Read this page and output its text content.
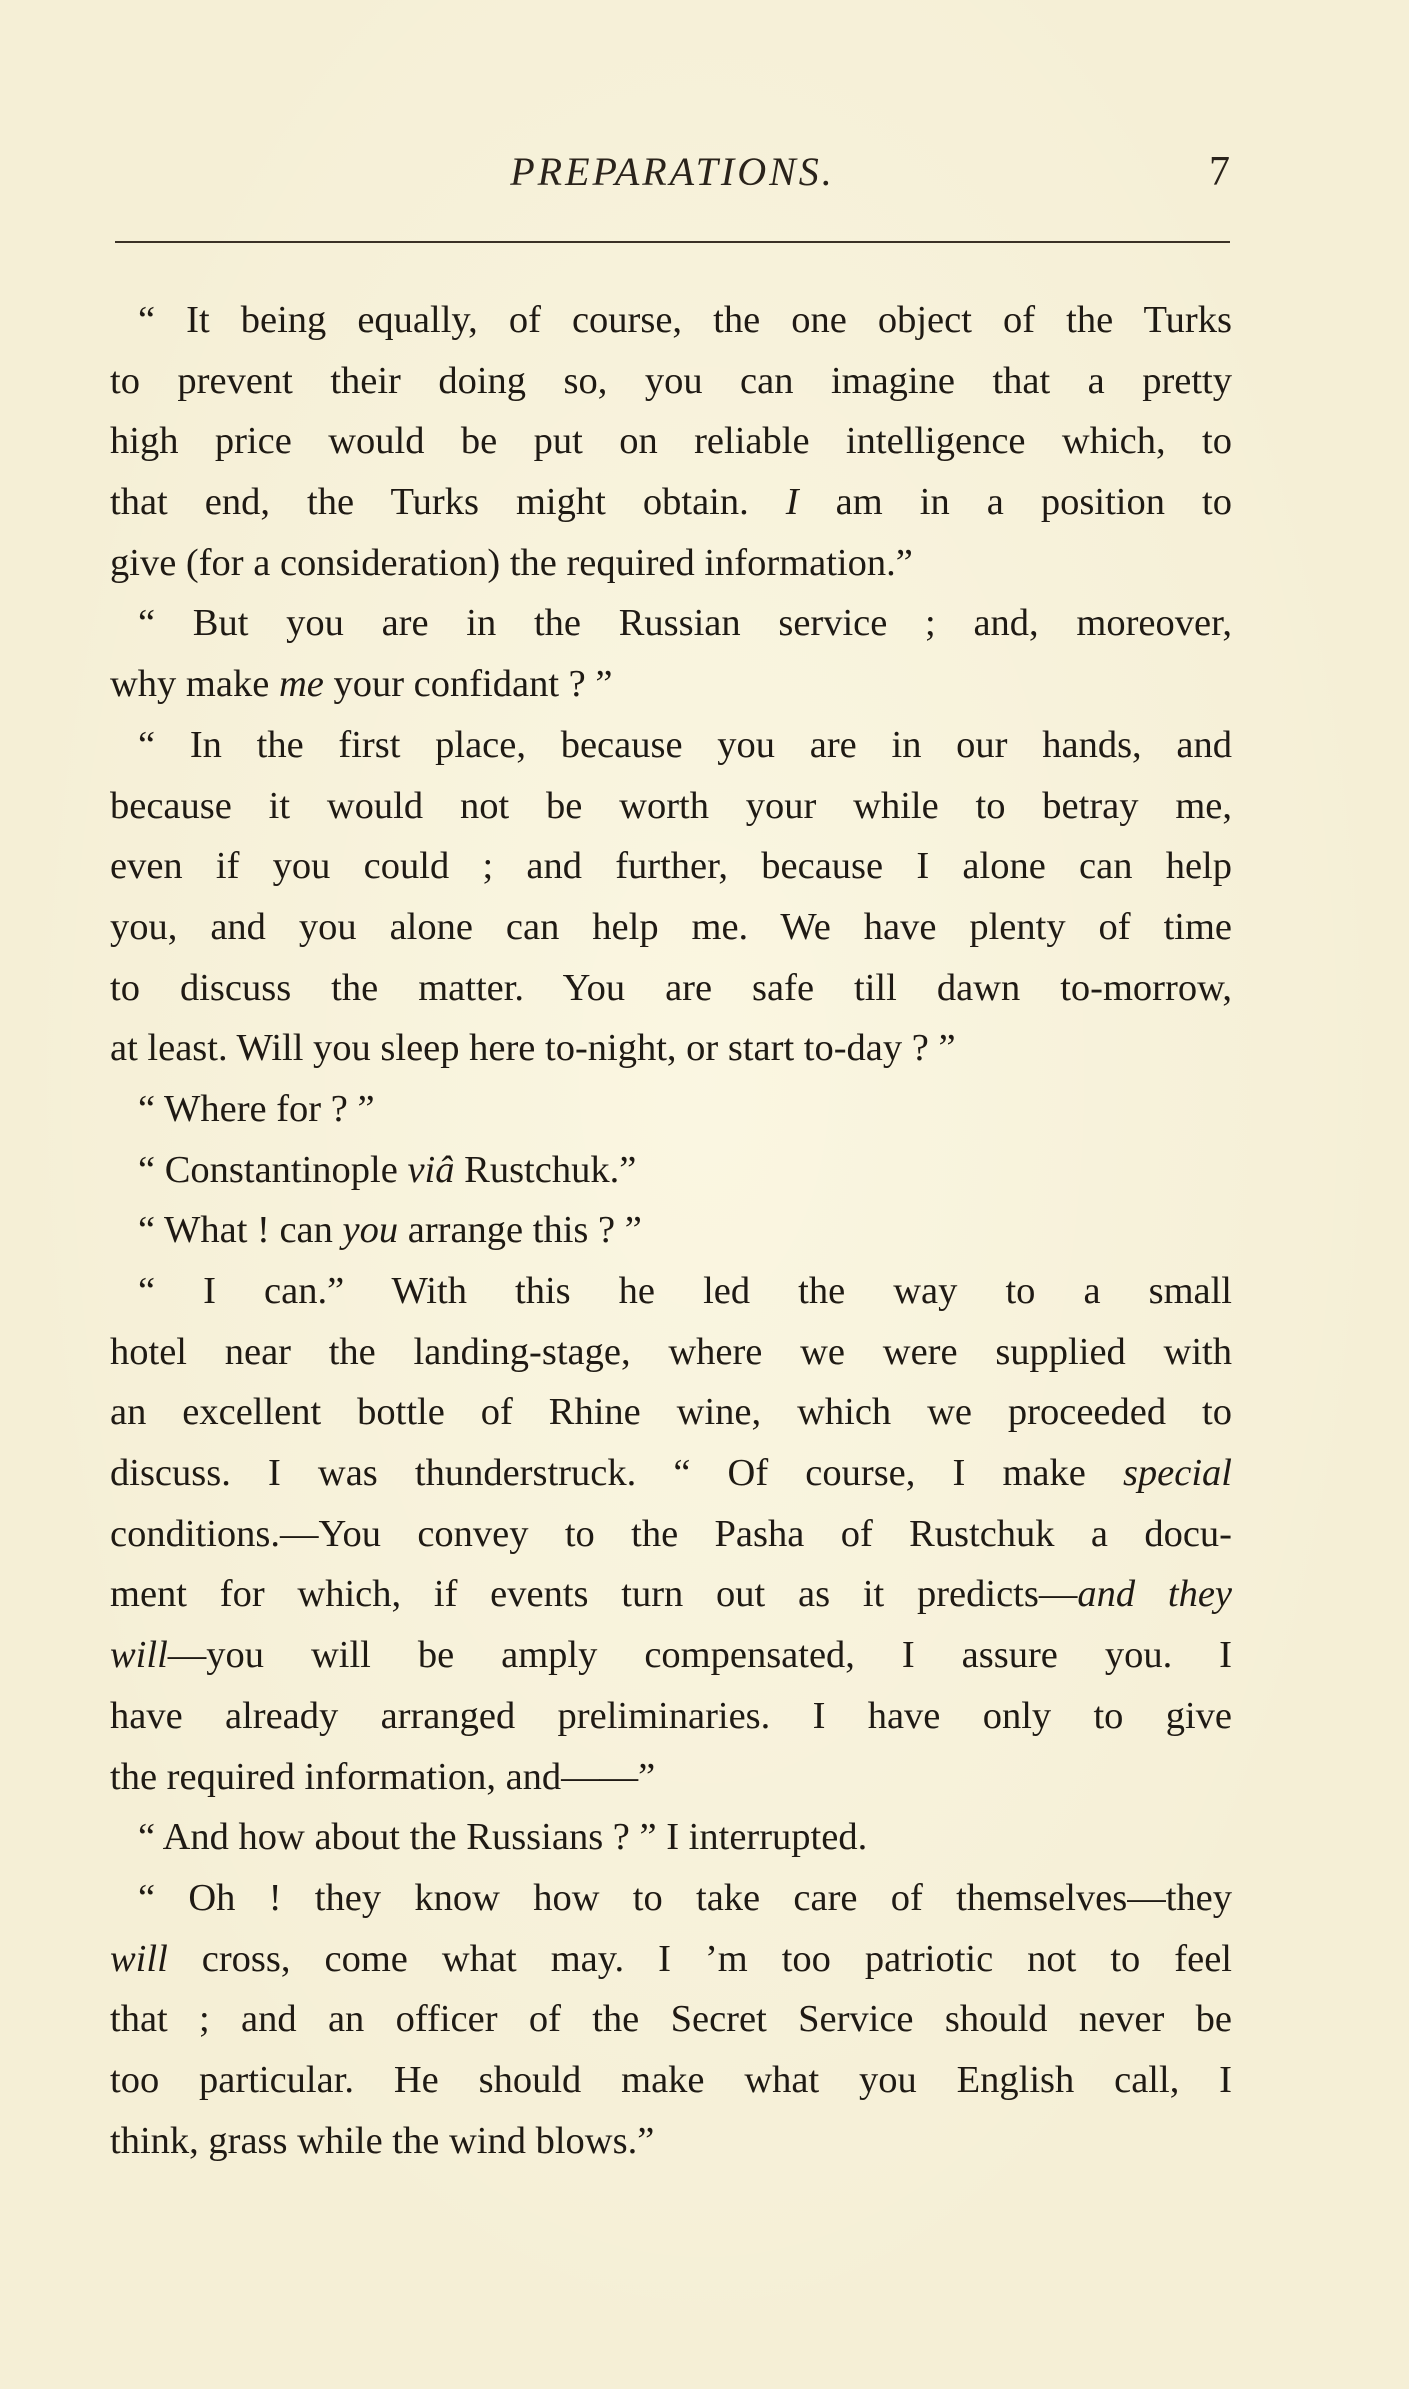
PREPARATIONS.	7
“ It being equally, of course, the one object of the Turks
to prevent their doing so, you can imagine that a pretty
high price would be put on reliable intelligence which, to
that end, the Turks might obtain. I am in a position to
give (for a consideration) the required information.”
“ But you are in the Russian service ; and, moreover,
why make me your confidant ? ”
“ In the first place, because you are in our hands, and
because it would not be worth your while to betray me,
even if you could ; and further, because I alone can help
you, and you alone can help me. We have plenty of time
to discuss the matter. You are safe till dawn to-morrow,
at least. Will you sleep here to-night, or start to-day ? ”
“ Where for ? ”
“ Constantinople viâ Rustchuk.”
“ What ! can you arrange this ? ”
“ I can.” With this he led the way to a small
hotel near the landing-stage, where we were supplied with
an excellent bottle of Rhine wine, which we proceeded to
discuss. I was thunderstruck. “ Of course, I make special
conditions.—You convey to the Pasha of Rustchuk a docu-
ment for which, if events turn out as it predicts—and they
will—you will be amply compensated, I assure you. I
have already arranged preliminaries. I have only to give
the required information, and——”
“ And how about the Russians ? ” I interrupted.
“ Oh ! they know how to take care of themselves—they
will cross, come what may. I ’m too patriotic not to feel
that ; and an officer of the Secret Service should never be
too particular. He should make what you English call, I
think, grass while the wind blows.”
